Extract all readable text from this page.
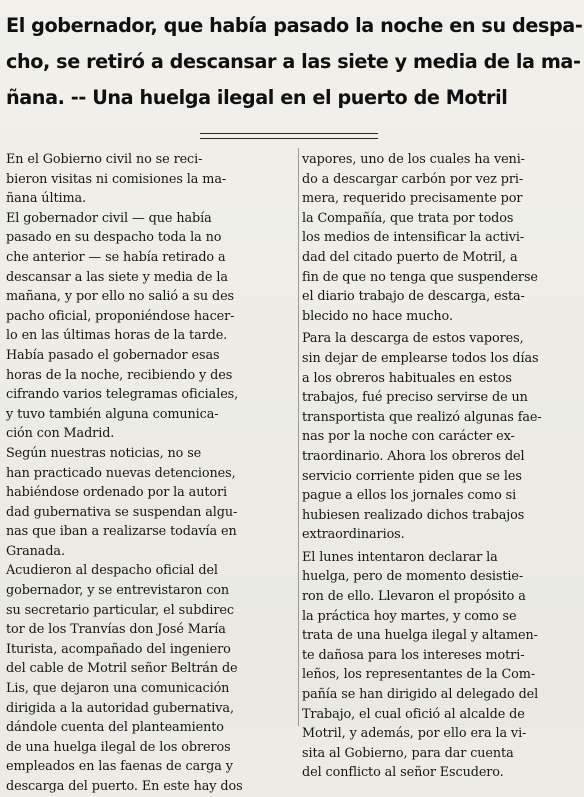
El gobernador, que había pasado la noche en su despa-
cho, se retiró a descansar a las siete y media de la ma-
ñana. -- Una huelga ilegal en el puerto de Motril
En el Gobierno civil no se reci-
bieron visitas ni comisiones la ma-
ñana última.
El gobernador civil — que había
pasado en su despacho toda la no
che anterior — se había retirado a
descansar a las siete y media de la
mañana, y por ello no salió a su des
pacho oficial, proponiéndose hacer-
lo en las últimas horas de la tarde.
Había pasado el gobernador esas
horas de la noche, recibiendo y des
cifrando varios telegramas oficiales,
y tuvo también alguna comunica-
ción con Madrid.
Según nuestras noticias, no se
han practicado nuevas detenciones,
habiéndose ordenado por la autori
dad gubernativa se suspendan algu-
nas que iban a realizarse todavía en
Granada.
Acudieron al despacho oficial del
gobernador, y se entrevistaron con
su secretario particular, el subdirec
tor de los Tranvías don José María
Iturista, acompañado del ingeniero
del cable de Motril señor Beltrán de
Lis, que dejaron una comunicación
dirigida a la autoridad gubernativa,
dándole cuenta del planteamiento
de una huelga ilegal de los obreros
empleados en las faenas de carga y
descarga del puerto. En este hay dos
vapores, uno de los cuales ha veni-
do a descargar carbón por vez pri-
mera, requerido precisamente por
la Compañía, que trata por todos
los medios de intensificar la activi-
dad del citado puerto de Motril, a
fin de que no tenga que suspenderse
el diario trabajo de descarga, esta-
blecido no hace mucho.
Para la descarga de estos vapores,
sin dejar de emplearse todos los días
a los obreros habituales en estos
trabajos, fué preciso servirse de un
transportista que realizó algunas fae-
nas por la noche con carácter ex-
traordinario. Ahora los obreros del
servicio corriente piden que se les
pague a ellos los jornales como si
hubiesen realizado dichos trabajos
extraordinarios.
El lunes intentaron declarar la
huelga, pero de momento desistie-
ron de ello. Llevaron el propósito a
la práctica hoy martes, y como se
trata de una huelga ilegal y altamen-
te dañosa para los intereses motri-
leños, los representantes de la Com-
pañía se han dirigido al delegado del
Trabajo, el cual ofició al alcalde de
Motril, y además, por ello era la vi-
sita al Gobierno, para dar cuenta
del conflicto al señor Escudero.
